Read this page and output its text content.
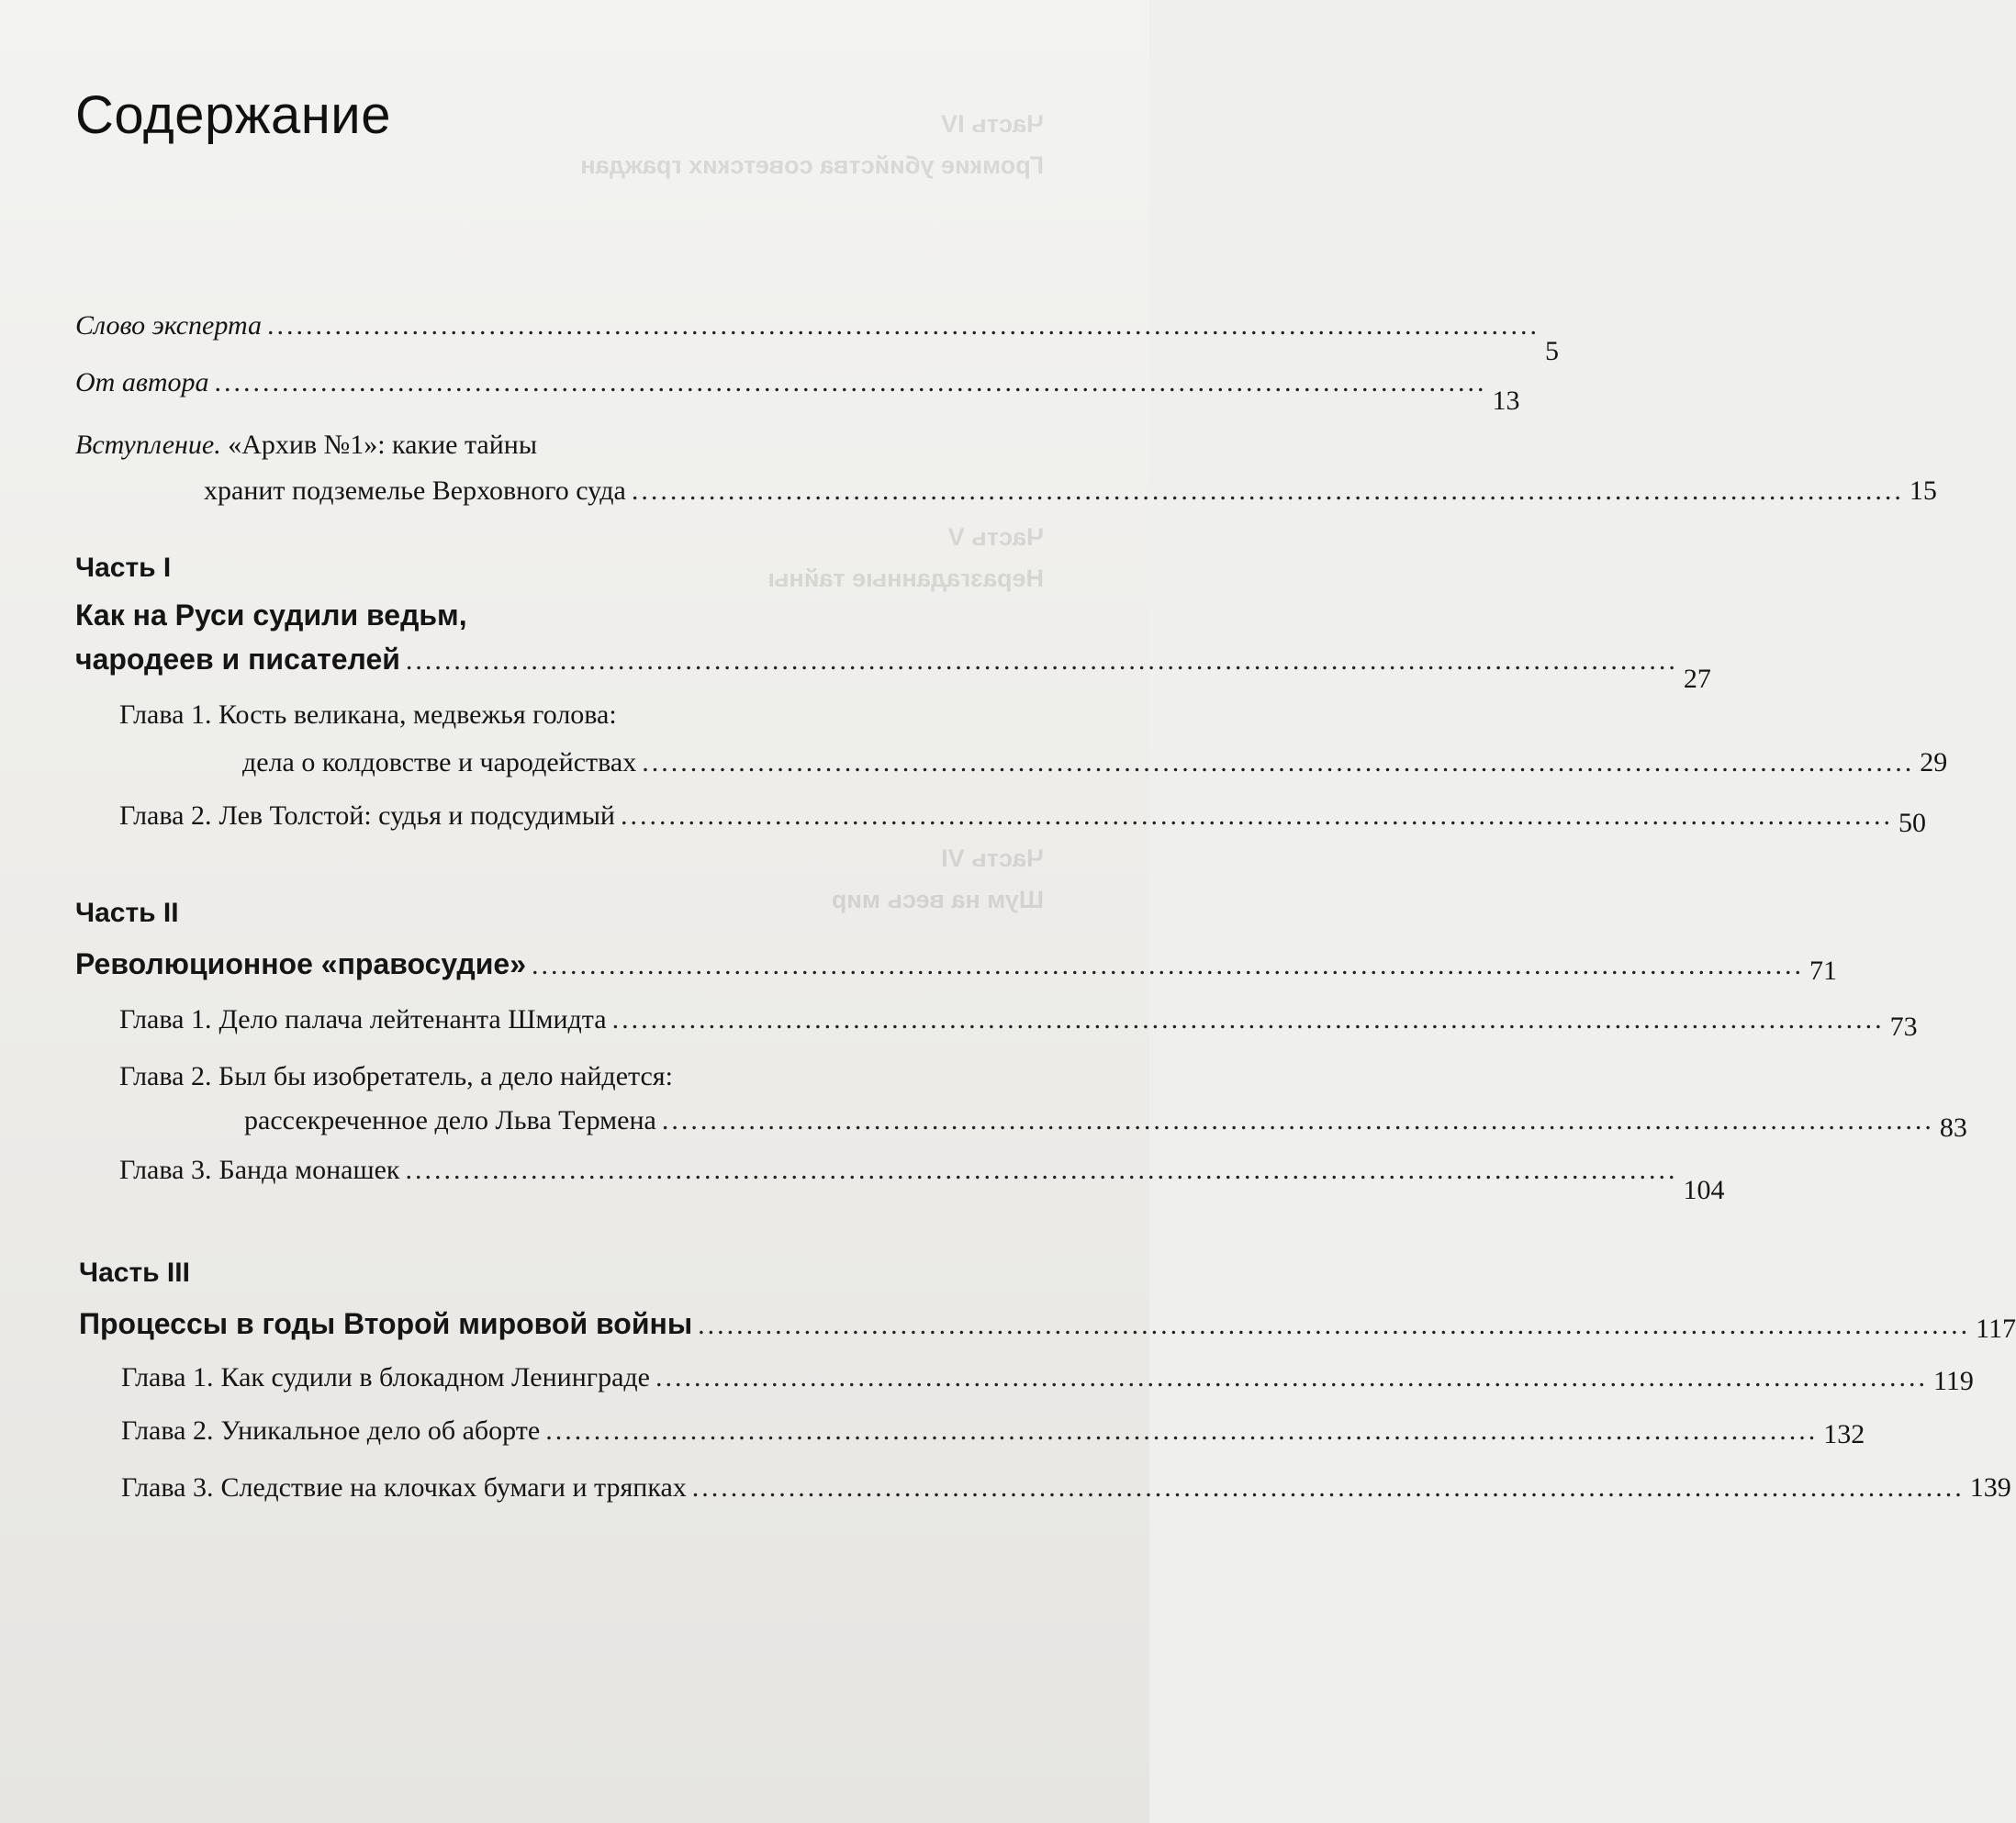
Часть IV
Громкие убийства советских граждан
Часть V
Неразгаданные тайны
Часть VI
Шум на весь мир
Содержание
Слово эксперта ....................................................................................................................................
5
От автора ....................................................................................................................................
13
Вступление. «Архив №1»: какие тайны
хранит подземелье Верховного суда .................................................................................................................................... 15
Часть I
Как на Руси судили ведьм,
чародеев и писателей ....................................................................................................................................
27
Глава 1. Кость великана, медвежья голова:
дела о колдовстве и чародействах .................................................................................................................................... 29
Глава 2. Лев Толстой: судья и подсудимый .................................................................................................................................... 50
Часть II
Революционное «правосудие» .................................................................................................................................... 71
Глава 1. Дело палача лейтенанта Шмидта .................................................................................................................................... 73
Глава 2. Был бы изобретатель, а дело найдется:
рассекреченное дело Льва Термена .................................................................................................................................... 83
Глава 3. Банда монашек ....................................................................................................................................
104
Часть III
Процессы в годы Второй мировой войны .................................................................................................................................... 117
Глава 1. Как судили в блокадном Ленинграде .................................................................................................................................... 119
Глава 2. Уникальное дело об аборте .................................................................................................................................... 132
Глава 3. Следствие на клочках бумаги и тряпках .................................................................................................................................... 139
